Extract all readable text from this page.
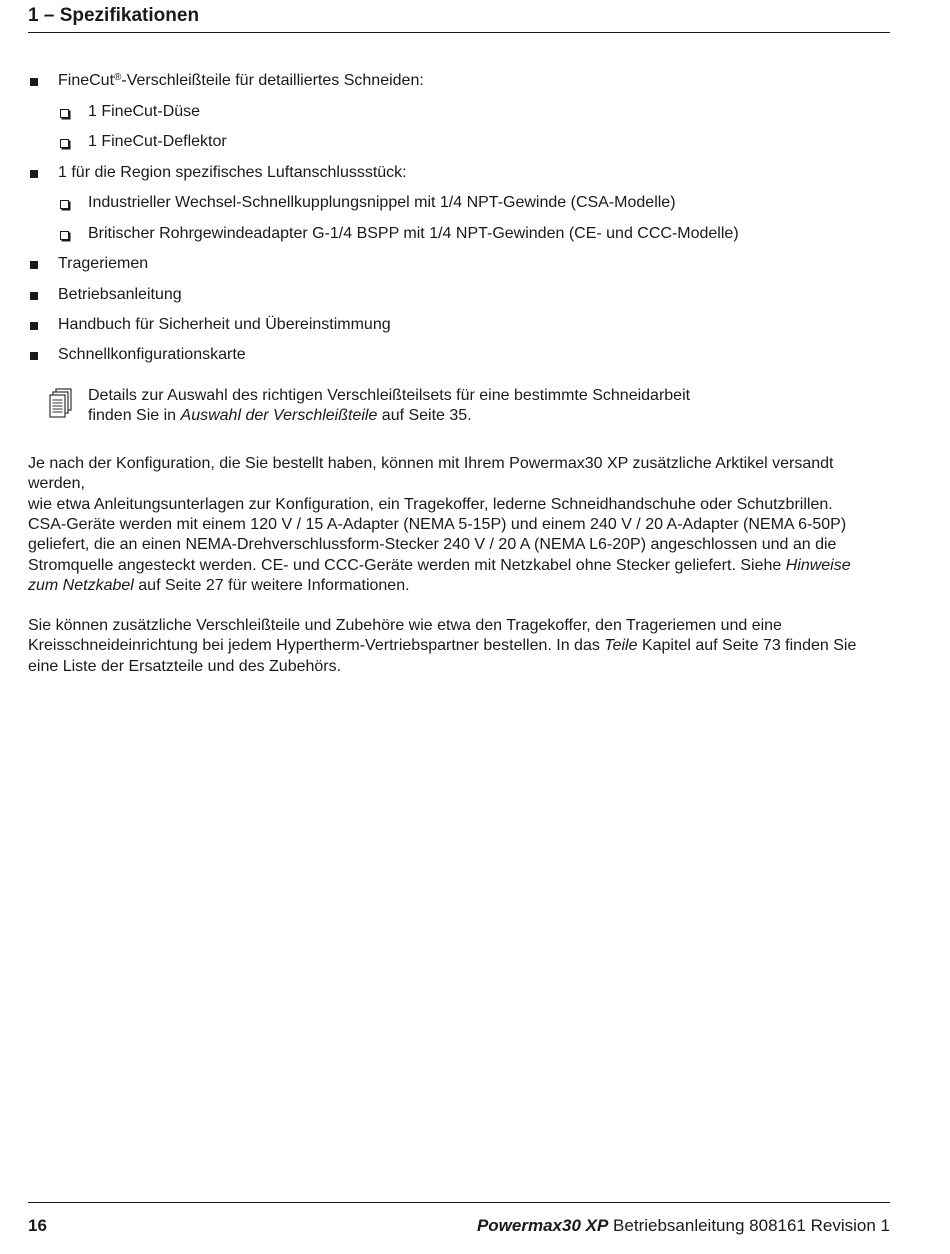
1 – Spezifikationen
FineCut®-Verschleißteile für detailliertes Schneiden:
1 FineCut-Düse
1 FineCut-Deflektor
1 für die Region spezifisches Luftanschlussstück:
Industrieller Wechsel-Schnellkupplungsnippel mit 1/4 NPT-Gewinde (CSA-Modelle)
Britischer Rohrgewindeadapter G-1/4 BSPP mit 1/4 NPT-Gewinden (CE- und CCC-Modelle)
Trageriemen
Betriebsanleitung
Handbuch für Sicherheit und Übereinstimmung
Schnellkonfigurationskarte
Details zur Auswahl des richtigen Verschleißteilsets für eine bestimmte Schneidarbeit
finden Sie in Auswahl der Verschleißteile auf Seite 35.

Je nach der Konfiguration, die Sie bestellt haben, können mit Ihrem Powermax30 XP zusätzliche Arktikel versandt werden,

wie etwa Anleitungsunterlagen zur Konfiguration, ein Tragekoffer, lederne Schneidhandschuhe oder Schutzbrillen.

CSA-Geräte werden mit einem 120 V / 15 A-Adapter (NEMA 5-15P) und einem 240 V / 20 A-Adapter (NEMA 6-50P)

geliefert, die an einen NEMA-Drehverschlussform-Stecker 240 V / 20 A (NEMA L6-20P) angeschlossen und an die

Stromquelle angesteckt werden. CE- und CCC-Geräte werden mit Netzkabel ohne Stecker geliefert. Siehe Hinweise

zum Netzkabel auf Seite 27 für weitere Informationen.

Sie können zusätzliche Verschleißteile und Zubehöre wie etwa den Tragekoffer, den Trageriemen und eine

Kreisschneideinrichtung bei jedem Hypertherm-Vertriebspartner bestellen. In das Teile Kapitel auf Seite 73 finden Sie

eine Liste der Ersatzteile und des Zubehörs.

16	Powermax30 XP Betriebsanleitung 808161 Revision 1
